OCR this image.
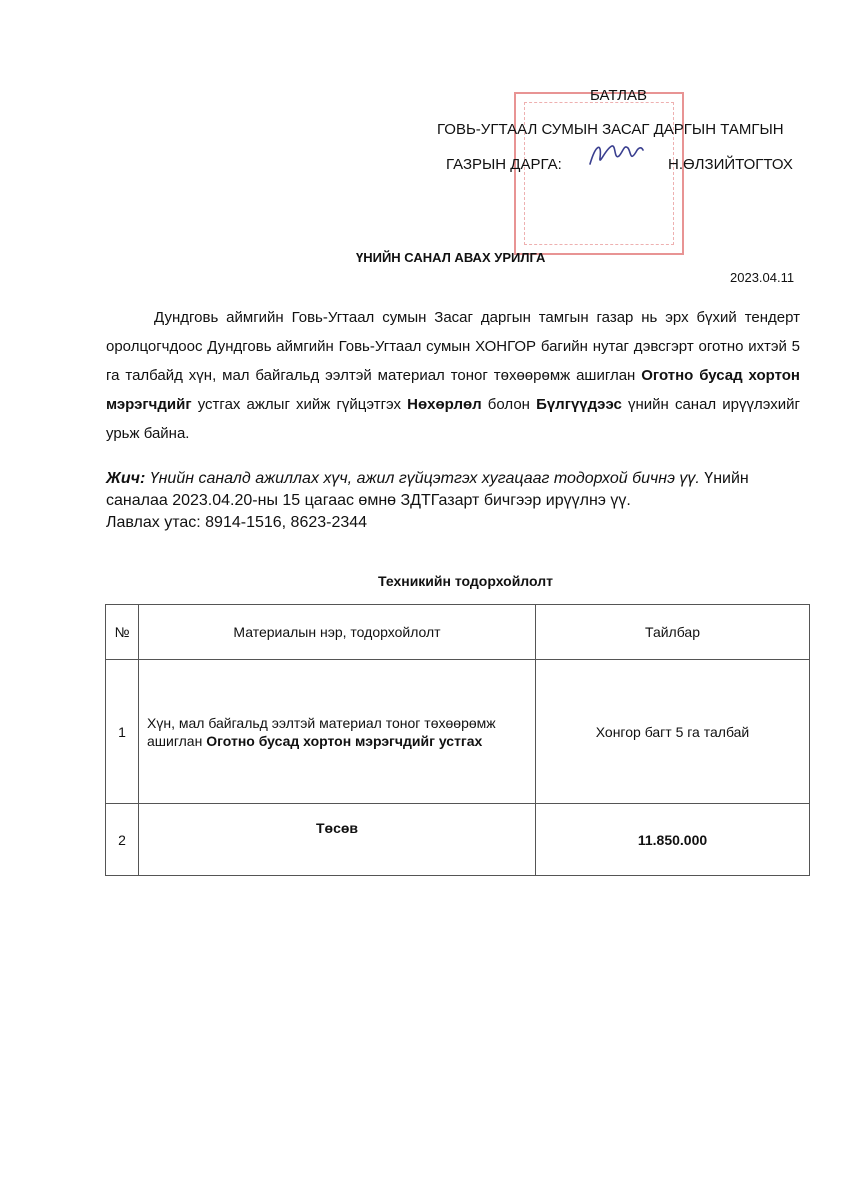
БАТЛАВ
ГОВЬ-УГТААЛ СУМЫН ЗАСАГ ДАРГЫН ТАМГЫН
ГАЗРЫН ДАРГА:	Н.ӨЛЗИЙТОГТОХ
ҮНИЙН САНАЛ АВАХ УРИЛГА
2023.04.11
Дундговь аймгийн Говь-Угтаал сумын Засаг даргын тамгын газар нь эрх бүхий тендерт оролцогчдоос Дундговь аймгийн Говь-Угтаал сумын ХОНГОР багийн нутаг дэвсгэрт оготно ихтэй 5 га талбайд хүн, мал байгальд ээлтэй материал тоног төхөөрөмж ашиглан Оготно бусад хортон мэрэгчдийг устгах ажлыг хийж гүйцэтгэх Нөхөрлөл болон Бүлгүүдээс үнийн санал ирүүлэхийг урьж байна.
Жич: Үнийн саналд ажиллах хүч, ажил гүйцэтгэх хугацааг тодорхой бичнэ үү. Үнийн саналаа 2023.04.20-ны 15 цагаас өмнө ЗДТГазарт бичгээр ирүүлнэ үү.
Лавлах утас: 8914-1516, 8623-2344
Техникийн тодорхойлолт
№	Материалын нэр, тодорхойлолт	Тайлбар
1	Хүн, мал байгальд ээлтэй материал тоног төхөөрөмж ашиглан Оготно бусад хортон мэрэгчдийг устгах	Хонгор багт 5 га талбай
2	Төсөв	11.850.000
